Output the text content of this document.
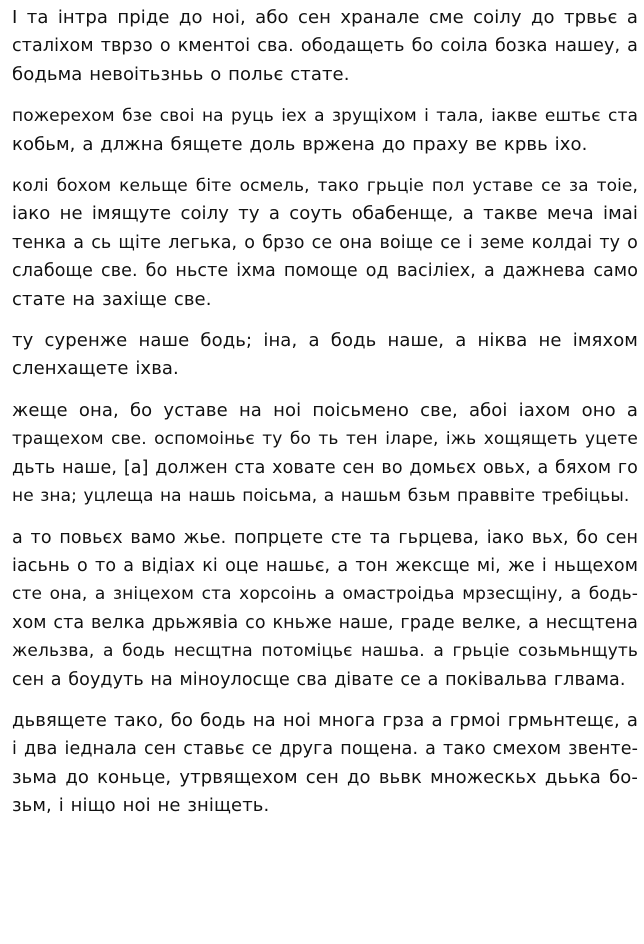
І та інтра пріде до нoі, або сен хранале сме соілу до трвьє а
сталіхом тврзо о кментоі сва. ободащеть бо соіла бозка нашеу, а
бодьма невоітьзньь о польє стате.

пожерехом бзе своі на руць іех а зрущіхом і тала, іакве ештьє ста
кобьм, а длжна бящете доль вржена до праху ве крвь іхо.

колі бохом кельще біте осмель, тако грьціе пол уставе се за тоіе,
іако не імящуте соілу ту а соуть обабенще, а такве меча імаі
тенка а сь щіте легька, о брзо се она воіще се і земе колдаі ту о
слабоще све. бо ньсте ixма помоще од васіліех, а дажнева само
стате на захіще све.

ту суренже наше бодь; іна, а бодь наше, а ніква не імяхом
сленхащете іхва.

жеще она, бо уставе на нoі поісьмено све, aбoі іахом оно а
тращехом све. оспомоіньє ту бо ть тен іларе, іжь хощящеть уцете
дьть наше, [а] должен ста ховате сен во домьєх овьх, а бяхом го
не зна; уцлеща на нашь поісьма, а нашьм бзьм праввіте требіцьы.

а то повьєх вамо жье. попрцете сте та гьрцева, іако вьх, бо сен
іасьнь о то а відіах кі оце нашьє, а тон жексще мі, же і ньщехом
сте она, а зніцехом ста хорсоінь а омастроідьа мрзесщіну, а бодь-
хом ста велка дрьжявіа со кньже наше, граде велке, а несщтена
жельзва, а бодь несщтна потоміцьє нашьа. а грьціе созьмьнщуть
сен а боудуть на міноулосще сва дівате се а поківальва глвама.

дьвящете тако, бо бодь на нoі многа грза а грмоі грмьнтещє, а
і два іеднала сен ставьє се друга пощена. а тако смехом звенте-
зьма до коньце, утрвящехом сен до вьвк множескьх дьька бо-
зьм, і ніщо нoі не зніщеть.
